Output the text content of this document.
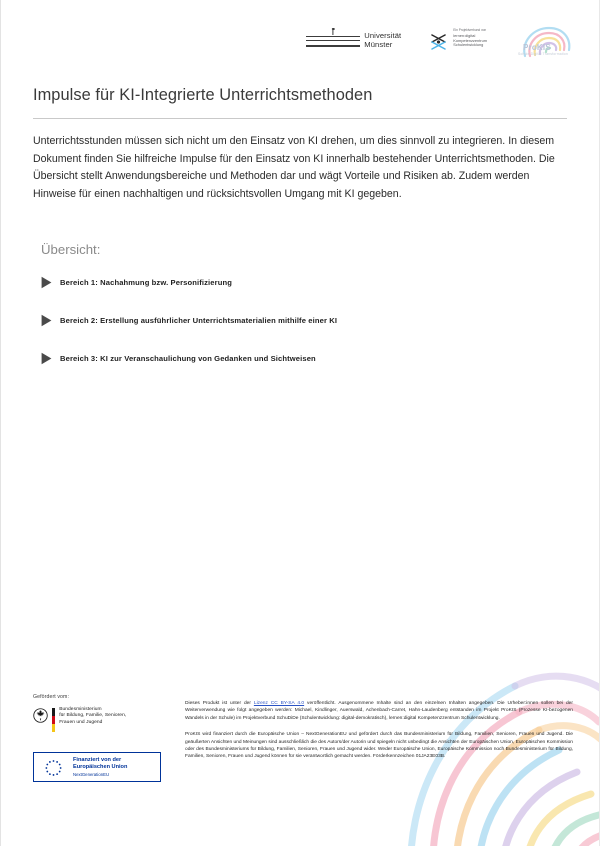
Universität
Münster
Ein Projektverbund von
lernen:digital
Kompetenzzentrum
Schulentwicklung	ProKIS
Schule Digital Transformation
Impulse für KI-Integrierte Unterrichtsmethoden

Unterrichtsstunden müssen sich nicht um den Einsatz von KI drehen, um dies sinnvoll zu integrieren. In diesem Dokument finden Sie hilfreiche Impulse für den Einsatz von KI innerhalb bestehender Unterrichtsmethoden. Die Übersicht stellt Anwendungsbereiche und Methoden dar und wägt Vorteile und Risiken ab. Zudem werden Hinweise für einen nachhaltigen und rücksichtsvollen Umgang mit KI gegeben.

Übersicht:
Bereich 1: Nachahmung bzw. Personifizierung
Bereich 2: Erstellung ausführlicher Unterrichtsmaterialien mithilfe einer KI
Bereich 3: KI zur Veranschaulichung von Gedanken und Sichtweisen
Gefördert vom:
Bundesministerium
für Bildung, Familie, Senioren,
Frauen und Jugend
Finanziert von der
Europäischen Union
NextGenerationEU

Dieses Produkt ist unter der Lizenz CC BY-SA 4.0 veröffentlicht. Ausgenommene Inhalte sind an den einzelnen Inhalten angegeben. Die Urheber:innen sollen bei der Weiterverwendung wie folgt angegeben werden: Michael, Kindlinger, Auerswald, Achenbach-Carret, Hahn-Laudenberg entstanden im Projekt ProKIS (Prozesse KI-bezogenen Wandels in der Schule) im Projektverbund SchuDiDe (Schulentwicklung: digital-demokratisch), lernen:digital Kompetenzzentrum Schulentwicklung.

ProKIS wird finanziert durch die Europäische Union – NextGenerationEU und gefördert durch das Bundesministerium für Bildung, Familien, Senioren, Frauen und Jugend. Die geäußerten Ansichten und Meinungen sind ausschließlich die des Autors/der Autorin und spiegeln nicht unbedingt die Ansichten der Europäischen Union, Europäischen Kommission oder des Bundesministeriums für Bildung, Familien, Senioren, Frauen und Jugend wider. Weder Europäische Union, Europäische Kommission noch Bundesministerium für Bildung, Familien, Senioren, Frauen und Jugend können für sie verantwortlich gemacht werden. Förderkennzeichen 01JA23E03B.
